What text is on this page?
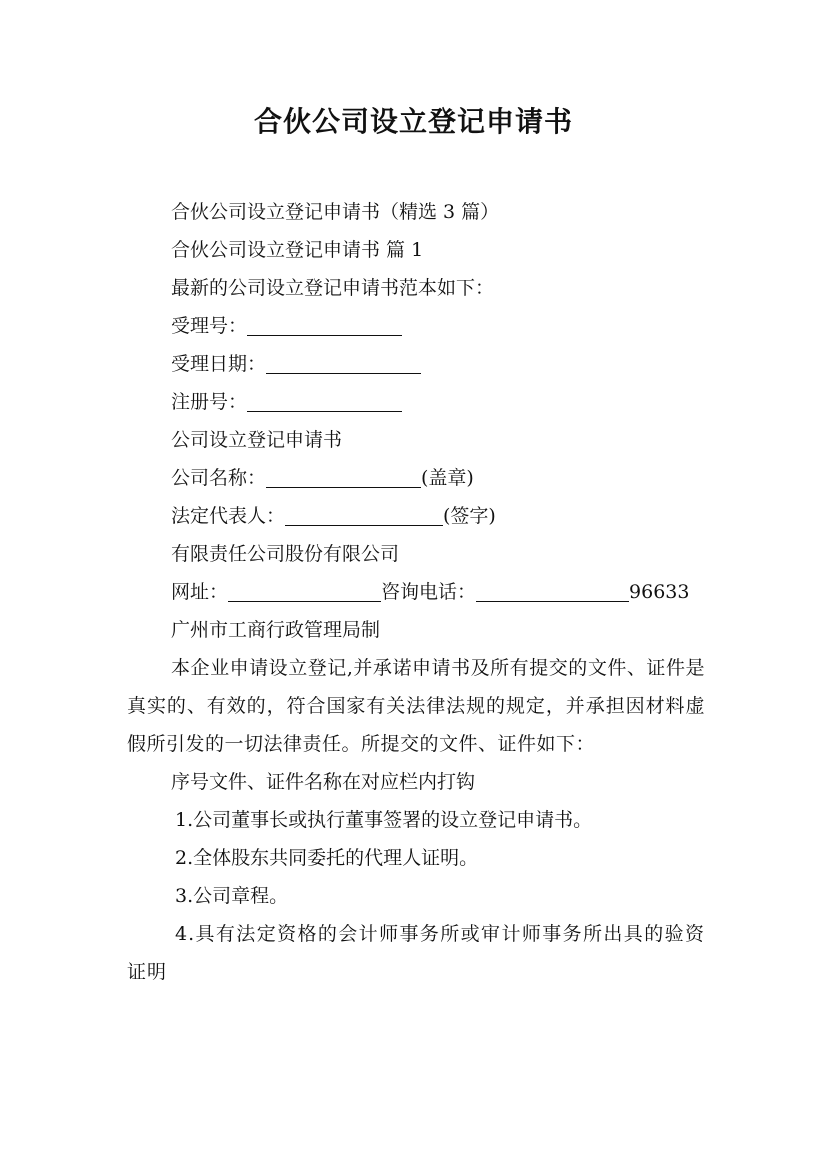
合伙公司设立登记申请书

合伙公司设立登记申请书（精选 3 篇）

合伙公司设立登记申请书 篇 1

最新的公司设立登记申请书范本如下：

受理号：

受理日期：

注册号：

公司设立登记申请书

公司名称：	(盖章)

法定代表人：	(签字)

有限责任公司股份有限公司

网址：	咨询电话：	96633

广州市工商行政管理局制

本企业申请设立登记,并承诺申请书及所有提交的文件、证件是真实的、有效的，符合国家有关法律法规的规定，并承担因材料虚假所引发的一切法律责任。所提交的文件、证件如下：

序号文件、证件名称在对应栏内打钩

1.公司董事长或执行董事签署的设立登记申请书。

2.全体股东共同委托的代理人证明。

3.公司章程。

4.具有法定资格的会计师事务所或审计师事务所出具的验资证明
